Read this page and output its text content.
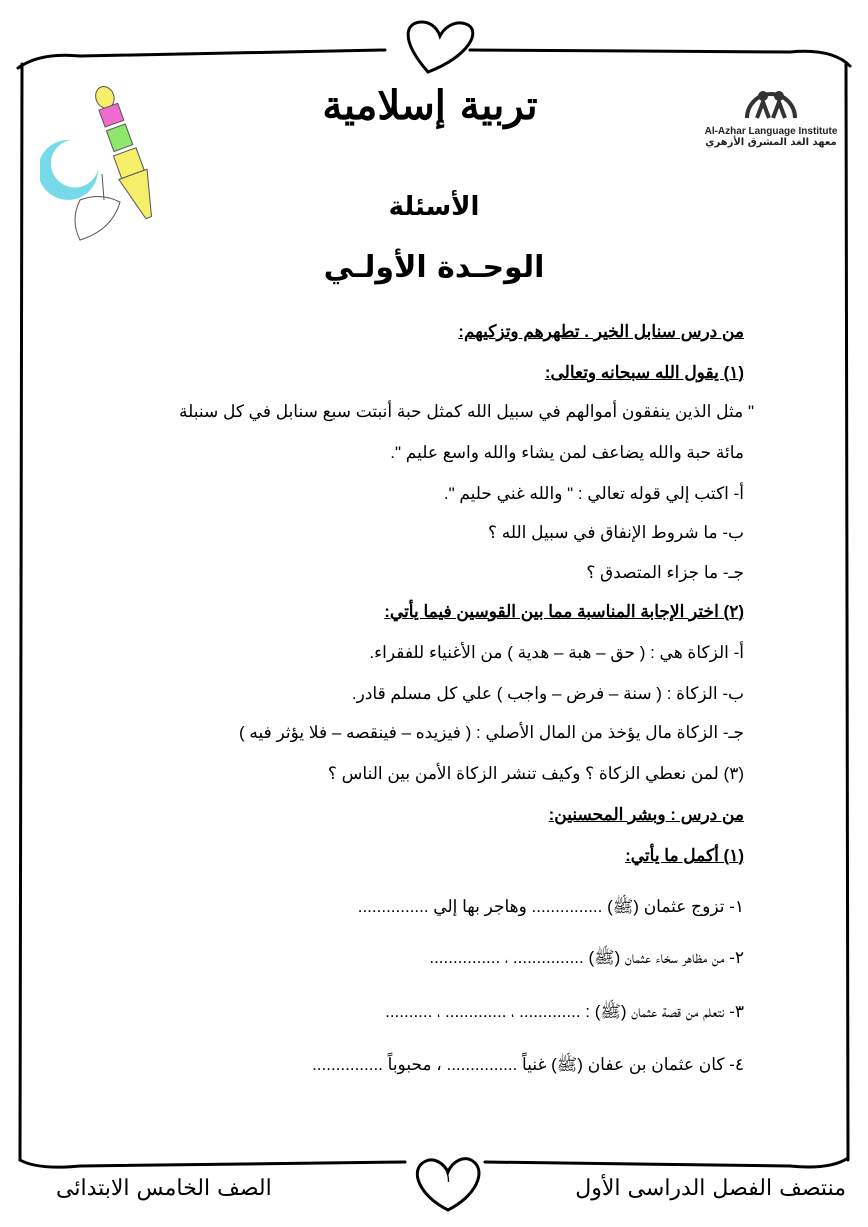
تربية إسلامية
Al-Azhar Language Institute
معهد الغد المشرق الأزهري
الأسئلة
الوحـدة الأولـي
من درس سنابل الخير . تطهرهم وتزكيهم:
(١) يقول الله سبحانه وتعالى:
" مثل الذين ينفقون أموالهم في سبيل الله كمثل حبة أنبتت سبع سنابل في كل سنبلة
مائة حبة والله يضاعف لمن يشاء والله واسع عليم ".
أ- اكتب إلي قوله تعالي : " والله غني حليم ".
ب- ما شروط الإنفاق في سبيل الله ؟
جـ- ما جزاء المتصدق ؟
(٢) اختر الإجابة المناسبة مما بين القوسين فيما يأتي:
أ- الزكاة هي : ( حق – هبة – هدية ) من الأغنياء للفقراء.
ب- الزكاة : ( سنة – فرض – واجب ) علي كل مسلم قادر.
جـ- الزكاة مال يؤخذ من المال الأصلي : ( فيزيده – فينقصه – فلا يؤثر فيه )
(٣) لمن نعطي الزكاة ؟ وكيف تنشر الزكاة الأمن بين الناس ؟
من درس : وبشر المحسنين:
(١) أكمل ما يأتي:
١- تزوج عثمان (ﷺ) ............... وهاجر بها إلي ...............
٢- من مظاهر سخاء عثمان (ﷺ) ............... ، ...............
٣- نتعلم من قصة عثمان (ﷺ) : ............. ، ............. ، ..........
٤- كان عثمان بن عفان (ﷺ) غنياً ............... ، محبوباً ...............
١	منتصف الفصل الدراسى الأول
الصف الخامس الابتدائى
